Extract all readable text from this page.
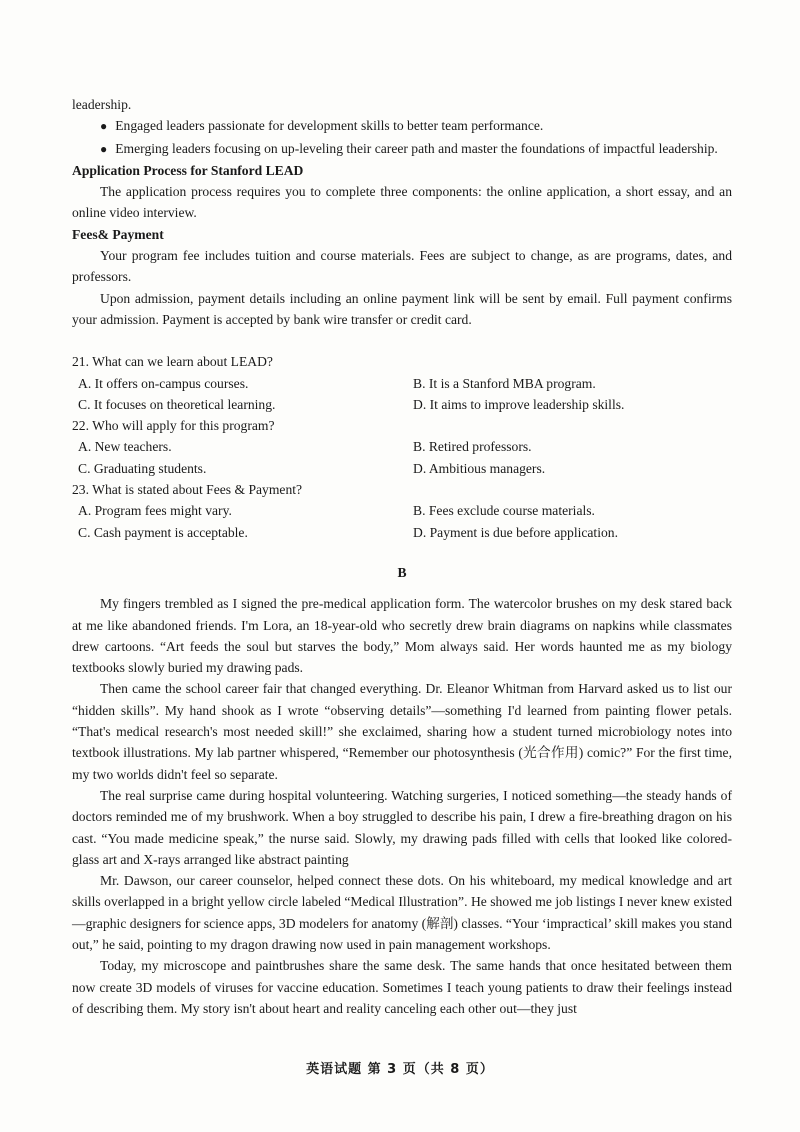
leadership.

● Engaged leaders passionate for development skills to better team performance.

● Emerging leaders focusing on up-leveling their career path and master the foundations of impactful leadership.

Application Process for Stanford LEAD

The application process requires you to complete three components: the online application, a short essay, and an online video interview.

Fees& Payment

Your program fee includes tuition and course materials. Fees are subject to change, as are programs, dates, and professors.

Upon admission, payment details including an online payment link will be sent by email. Full payment confirms your admission. Payment is accepted by bank wire transfer or credit card.

21. What can we learn about LEAD?

A. It offers on-campus courses.	B. It is a Stanford MBA program.
C. It focuses on theoretical learning.	D. It aims to improve leadership skills.

22. Who will apply for this program?

A. New teachers.	B. Retired professors.
C. Graduating students.	D. Ambitious managers.

23. What is stated about Fees & Payment?

A. Program fees might vary.	B. Fees exclude course materials.
C. Cash payment is acceptable.	D. Payment is due before application.
B

My fingers trembled as I signed the pre-medical application form. The watercolor brushes on my desk stared back at me like abandoned friends. I'm Lora, an 18-year-old who secretly drew brain diagrams on napkins while classmates drew cartoons. “Art feeds the soul but starves the body,” Mom always said. Her words haunted me as my biology textbooks slowly buried my drawing pads.

Then came the school career fair that changed everything. Dr. Eleanor Whitman from Harvard asked us to list our “hidden skills”. My hand shook as I wrote “observing details”—something I'd learned from painting flower petals. “That's medical research's most needed skill!” she exclaimed, sharing how a student turned microbiology notes into textbook illustrations. My lab partner whispered, “Remember our photosynthesis (光合作用) comic?” For the first time, my two worlds didn't feel so separate.

The real surprise came during hospital volunteering. Watching surgeries, I noticed something—the steady hands of doctors reminded me of my brushwork. When a boy struggled to describe his pain, I drew a fire-breathing dragon on his cast. “You made medicine speak,” the nurse said. Slowly, my drawing pads filled with cells that looked like colored-glass art and X-rays arranged like abstract painting

Mr. Dawson, our career counselor, helped connect these dots. On his whiteboard, my medical knowledge and art skills overlapped in a bright yellow circle labeled “Medical Illustration”. He showed me job listings I never knew existed—graphic designers for science apps, 3D modelers for anatomy (解剖) classes. “Your ‘impractical’ skill makes you stand out,” he said, pointing to my dragon drawing now used in pain management workshops.

Today, my microscope and paintbrushes share the same desk. The same hands that once hesitated between them now create 3D models of viruses for vaccine education. Sometimes I teach young patients to draw their feelings instead of describing them. My story isn't about heart and reality canceling each other out—they just

英语试题 第 3 页（共 8 页）
